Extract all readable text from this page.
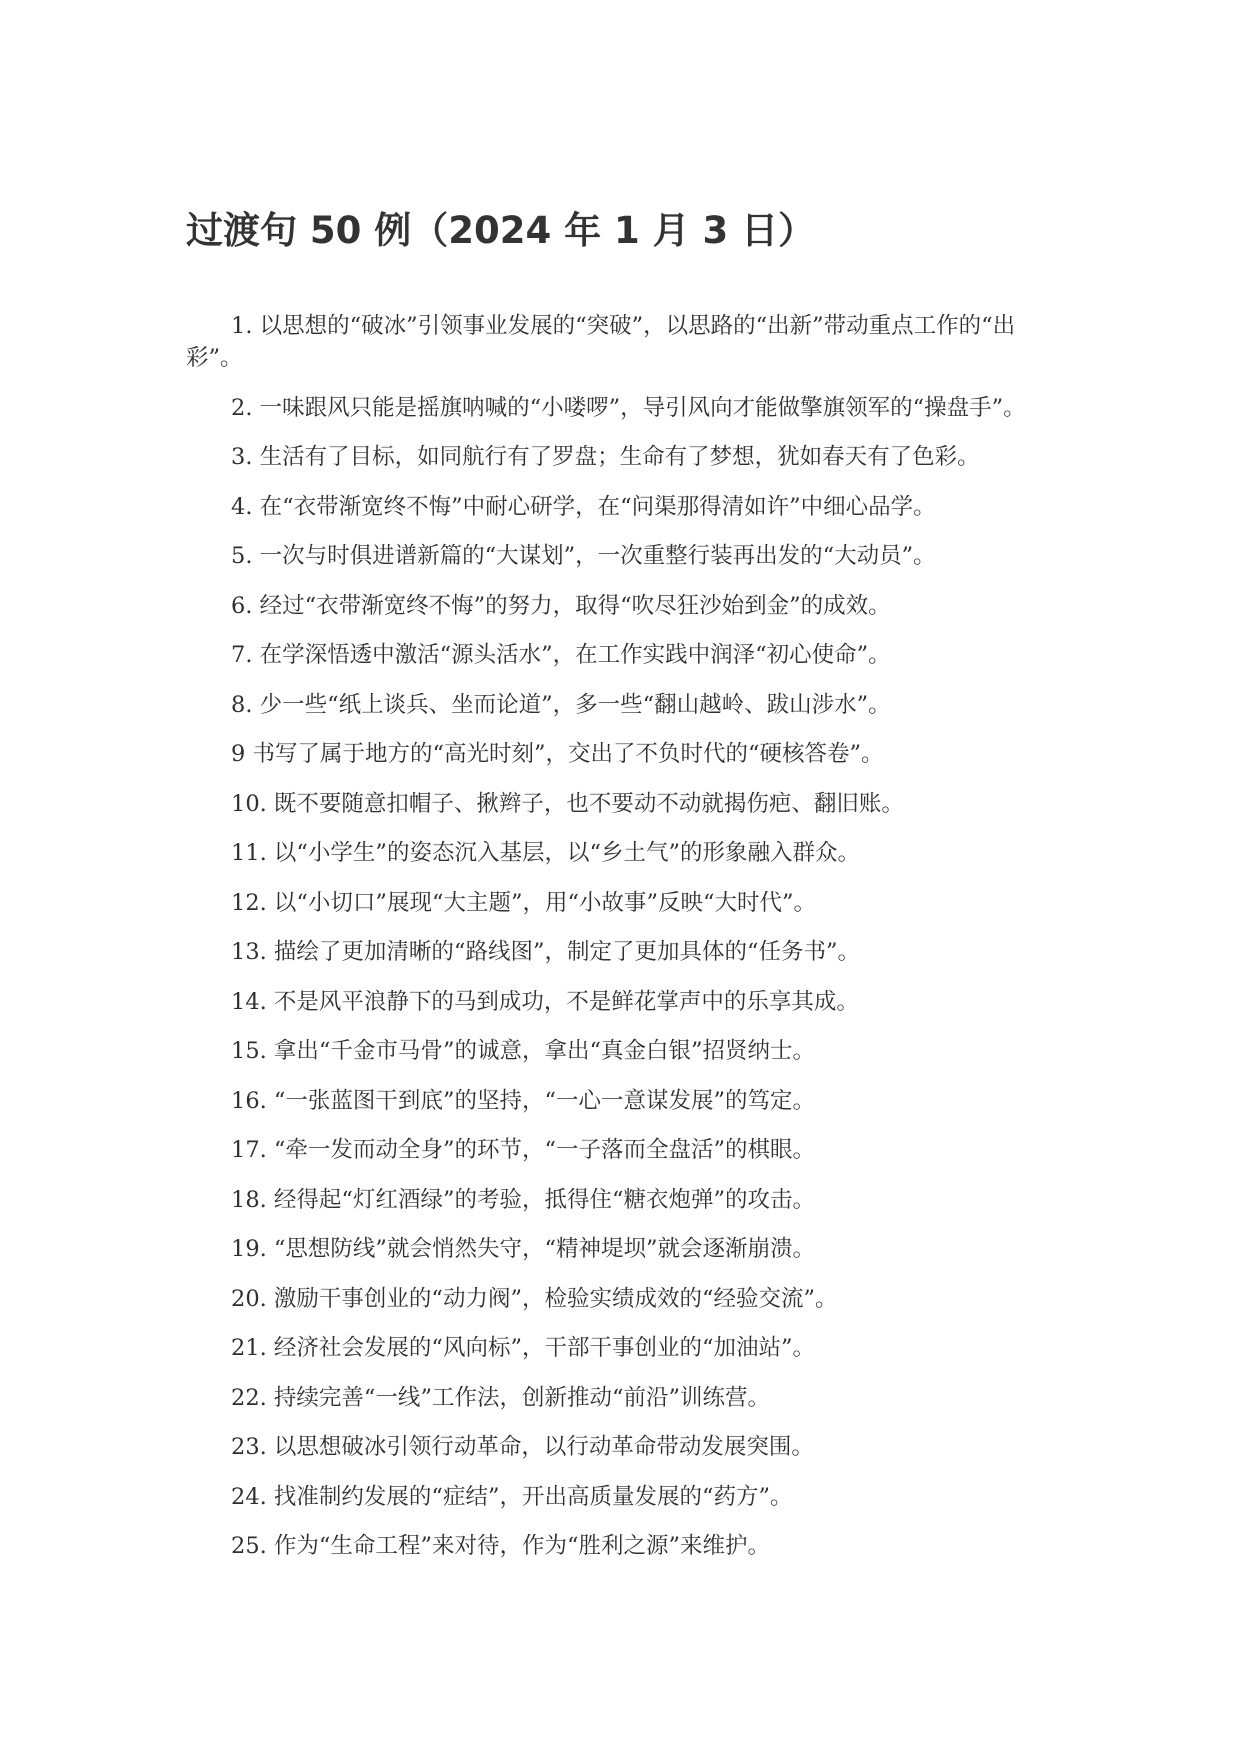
过渡句 50 例（2024 年 1 月 3 日）

1. 以思想的“破冰”引领事业发展的“突破”，以思路的“出新”带动重点工作的“出彩”。

2. 一味跟风只能是摇旗呐喊的“小喽啰”，导引风向才能做擎旗领军的“操盘手”。

3. 生活有了目标，如同航行有了罗盘；生命有了梦想，犹如春天有了色彩。

4. 在“衣带渐宽终不悔”中耐心研学，在“问渠那得清如许”中细心品学。

5. 一次与时俱进谱新篇的“大谋划”，一次重整行装再出发的“大动员”。

6. 经过“衣带渐宽终不悔”的努力，取得“吹尽狂沙始到金”的成效。

7. 在学深悟透中激活“源头活水”，在工作实践中润泽“初心使命”。

8. 少一些“纸上谈兵、坐而论道”，多一些“翻山越岭、跋山涉水”。

9 书写了属于地方的“高光时刻”，交出了不负时代的“硬核答卷”。

10. 既不要随意扣帽子、揪辫子，也不要动不动就揭伤疤、翻旧账。

11. 以“小学生”的姿态沉入基层，以“乡土气”的形象融入群众。

12. 以“小切口”展现“大主题”，用“小故事”反映“大时代”。

13. 描绘了更加清晰的“路线图”，制定了更加具体的“任务书”。

14. 不是风平浪静下的马到成功，不是鲜花掌声中的乐享其成。

15. 拿出“千金市马骨”的诚意，拿出“真金白银”招贤纳士。

16. “一张蓝图干到底”的坚持，“一心一意谋发展”的笃定。

17. “牵一发而动全身”的环节，“一子落而全盘活”的棋眼。

18. 经得起“灯红酒绿”的考验，抵得住“糖衣炮弹”的攻击。

19. “思想防线”就会悄然失守，“精神堤坝”就会逐渐崩溃。

20. 激励干事创业的“动力阀”，检验实绩成效的“经验交流”。

21. 经济社会发展的“风向标”，干部干事创业的“加油站”。

22. 持续完善“一线”工作法，创新推动“前沿”训练营。

23. 以思想破冰引领行动革命，以行动革命带动发展突围。

24. 找准制约发展的“症结”，开出高质量发展的“药方”。

25. 作为“生命工程”来对待，作为“胜利之源”来维护。
